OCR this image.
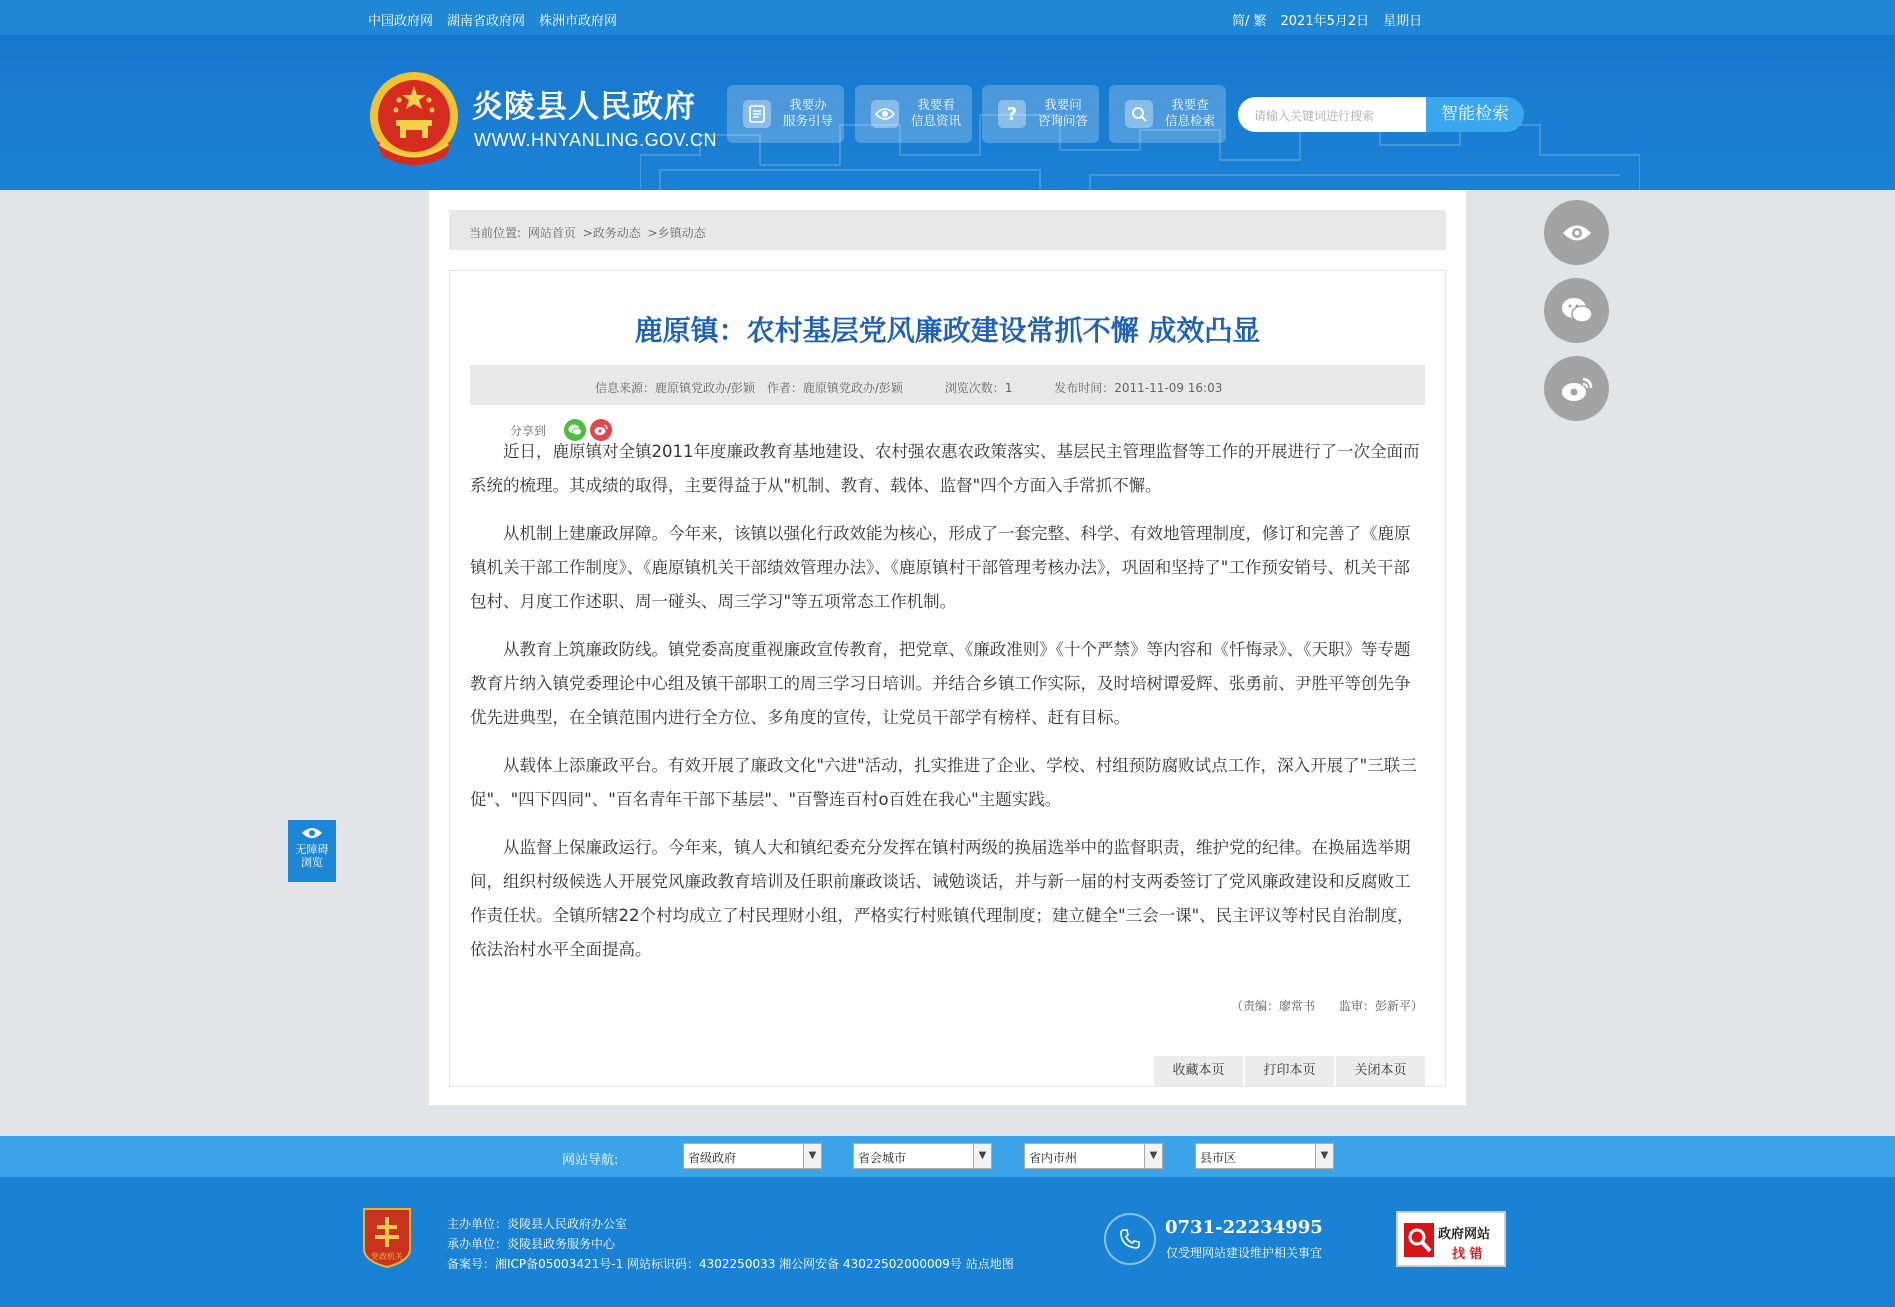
中国政府网 湖南省政府网 株洲市政府网	简/ 繁 2021年5月2日 星期日
炎陵县人民政府
WWW.HNYANLING.GOV.CN
我要办
服务引导
我要看
信息资讯	?	我要问
咨询问答
我要查
信息检索	请输入关键词进行搜索	智能检索
当前位置: 网站首页 >政务动态 >乡镇动态
鹿原镇：农村基层党风廉政建设常抓不懈 成效凸显
信息来源：鹿原镇党政办/彭颖 作者：鹿原镇党政办/彭颖	浏览次数：1	发布时间：2011-11-09 16:03
分享到

近日，鹿原镇对全镇2011年度廉政教育基地建设、农村强农惠农政策落实、基层民主管理监督等工作的开展进行了一次全面而系统的梳理。其成绩的取得，主要得益于从"机制、教育、载体、监督"四个方面入手常抓不懈。

从机制上建廉政屏障。今年来，该镇以强化行政效能为核心，形成了一套完整、科学、有效地管理制度，修订和完善了《鹿原镇机关干部工作制度》、《鹿原镇机关干部绩效管理办法》、《鹿原镇村干部管理考核办法》，巩固和坚持了"工作预安销号、机关干部包村、月度工作述职、周一碰头、周三学习"等五项常态工作机制。

从教育上筑廉政防线。镇党委高度重视廉政宣传教育，把党章、《廉政准则》《十个严禁》等内容和《忏悔录》、《天职》等专题教育片纳入镇党委理论中心组及镇干部职工的周三学习日培训。并结合乡镇工作实际，及时培树谭爱辉、张勇前、尹胜平等创先争优先进典型，在全镇范围内进行全方位、多角度的宣传，让党员干部学有榜样、赶有目标。

从载体上添廉政平台。有效开展了廉政文化"六进"活动，扎实推进了企业、学校、村组预防腐败试点工作，深入开展了"三联三促"、"四下四同"、"百名青年干部下基层"、"百警连百村o百姓在我心"主题实践。

从监督上保廉政运行。今年来，镇人大和镇纪委充分发挥在镇村两级的换届选举中的监督职责，维护党的纪律。在换届选举期间，组织村级候选人开展党风廉政教育培训及任职前廉政谈话、诫勉谈话，并与新一届的村支两委签订了党风廉政建设和反腐败工作责任状。全镇所辖22个村均成立了村民理财小组，严格实行村账镇代理制度；建立健全"三会一课"、民主评议等村民自治制度，依法治村水平全面提高。

（责编：廖常书　　监审：彭新平）
收藏本页	打印本页	关闭本页
无障碍
浏览
网站导航:	省级政府	▼	省会城市	▼	省内市州	▼	县市区	▼
党政机关
主办单位：炎陵县人民政府办公室
承办单位：炎陵县政务服务中心
备案号：湘ICP备05003421号-1 网站标识码：4302250033 湘公网安备 43022502000009号 站点地图
0731-22234995
仅受理网站建设维护相关事宜
政府网站
找 错
